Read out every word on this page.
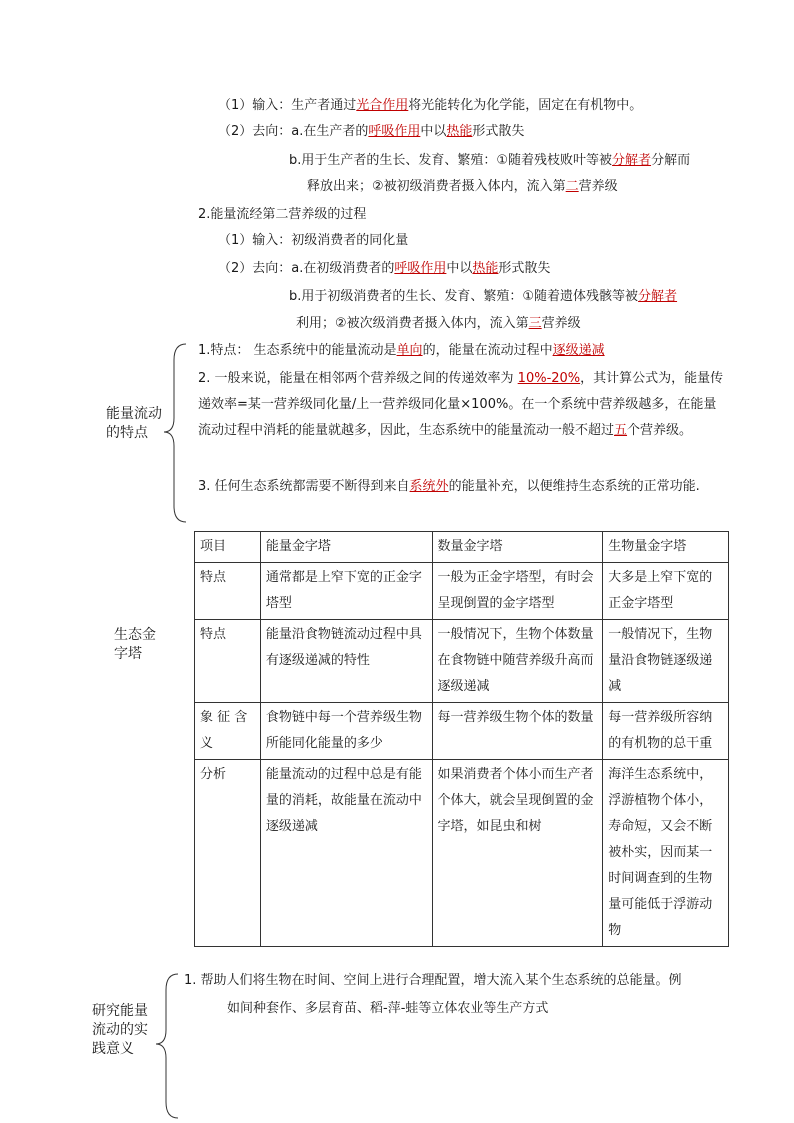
（1）输入：生产者通过光合作用将光能转化为化学能，固定在有机物中。
（2）去向：a.在生产者的呼吸作用中以热能形式散失
b.用于生产者的生长、发育、繁殖：①随着残枝败叶等被分解者分解而
释放出来；②被初级消费者摄入体内，流入第二营养级
2.能量流经第二营养级的过程
（1）输入：初级消费者的同化量
（2）去向：a.在初级消费者的呼吸作用中以热能形式散失
b.用于初级消费者的生长、发育、繁殖：①随着遗体残骸等被分解者
利用；②被次级消费者摄入体内，流入第三营养级
能量流动的特点
1.特点： 生态系统中的能量流动是单向的，能量在流动过程中逐级递减
2. 一般来说，能量在相邻两个营养级之间的传递效率为 10%-20%，其计算公式为，能量传递效率=某一营养级同化量/上一营养级同化量×100%。在一个系统中营养级越多，在能量流动过程中消耗的能量就越多，因此，生态系统中的能量流动一般不超过五个营养级。
3. 任何生态系统都需要不断得到来自系统外的能量补充，以便维持生态系统的正常功能.
生态金字塔
项目	能量金字塔	数量金字塔	生物量金字塔
特点	通常都是上窄下宽的正金字塔型	一般为正金字塔型，有时会呈现倒置的金字塔型	大多是上窄下宽的正金字塔型
特点	能量沿食物链流动过程中具有逐级递减的特性	一般情况下，生物个体数量在食物链中随营养级升高而逐级递减	一般情况下，生物量沿食物链逐级递减
象 征 含 义	食物链中每一个营养级生物所能同化能量的多少	每一营养级生物个体的数量	每一营养级所容纳的有机物的总干重
分析	能量流动的过程中总是有能量的消耗，故能量在流动中逐级递减	如果消费者个体小而生产者个体大，就会呈现倒置的金字塔，如昆虫和树	海洋生态系统中，浮游植物个体小，寿命短，又会不断被朴实，因而某一时间调查到的生物量可能低于浮游动物
研究能量流动的实践意义
1. 帮助人们将生物在时间、空间上进行合理配置，增大流入某个生态系统的总能量。例
如间种套作、多层育苗、稻-萍-蛙等立体农业等生产方式
